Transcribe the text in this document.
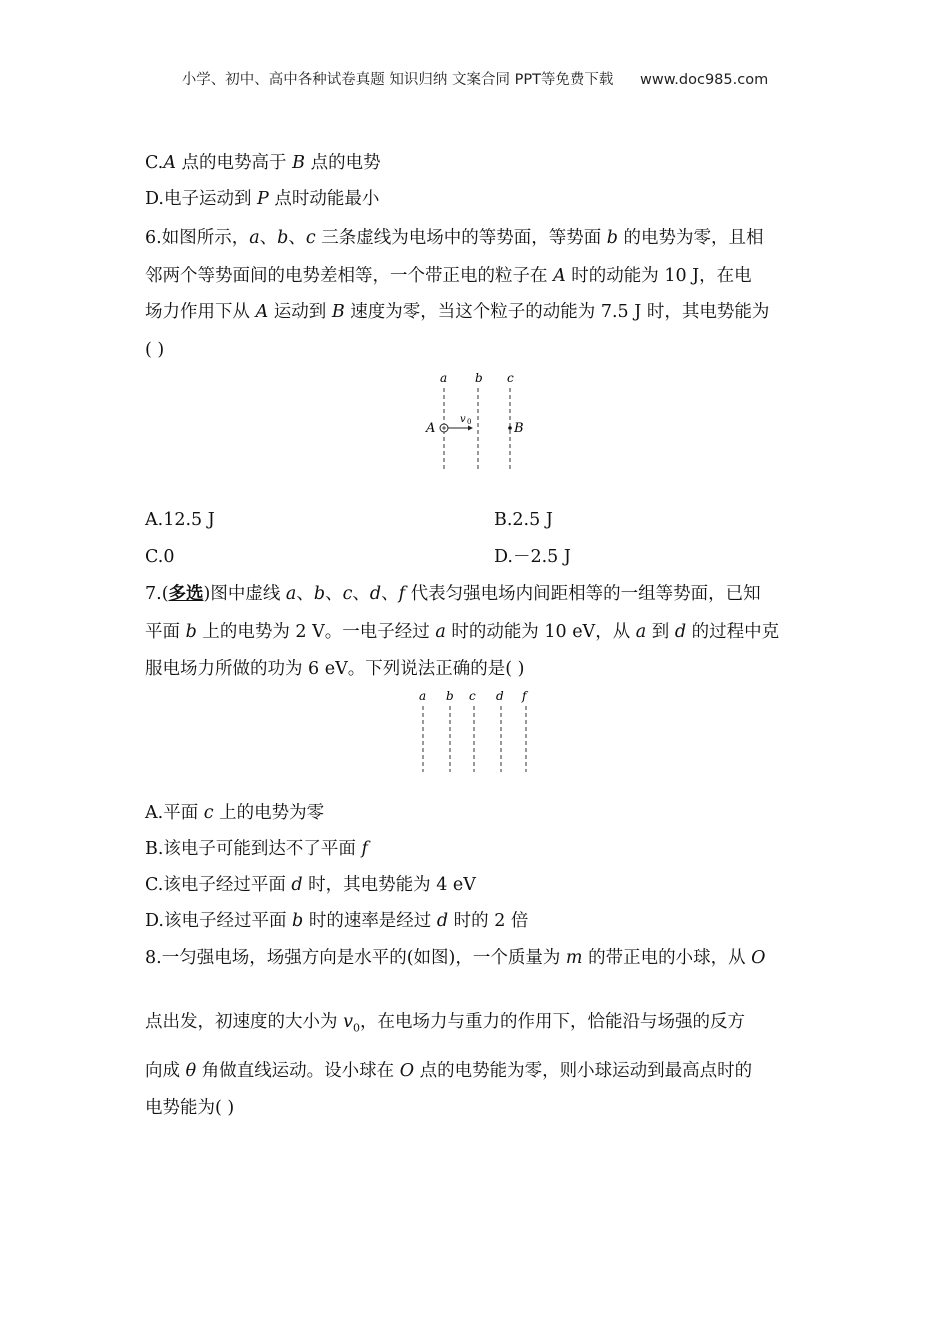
小学、初中、高中各种试卷真题 知识归纳 文案合同 PPT等免费下载 www.doc985.com
C.A 点的电势高于 B 点的电势
D.电子运动到 P 点时动能最小
6.如图所示，a、b、c 三条虚线为电场中的等势面，等势面 b 的电势为零，且相
邻两个等势面间的电势差相等，一个带正电的粒子在 A 时的动能为 10 J，在电
场力作用下从 A 运动到 B 速度为零，当这个粒子的动能为 7.5 J 时，其电势能为
( )
a b c
A
v 0	B
A.12.5 J	B.2.5 J
C.0	D.－2.5 J
7.(多选)图中虚线 a、b、c、d、f 代表匀强电场内间距相等的一组等势面，已知
平面 b 上的电势为 2 V。一电子经过 a 时的动能为 10 eV，从 a 到 d 的过程中克
服电场力所做的功为 6 eV。下列说法正确的是( )
a b c d f
A.平面 c 上的电势为零
B.该电子可能到达不了平面 f
C.该电子经过平面 d 时，其电势能为 4 eV
D.该电子经过平面 b 时的速率是经过 d 时的 2 倍
8.一匀强电场，场强方向是水平的(如图)，一个质量为 m 的带正电的小球，从 O
点出发，初速度的大小为 $v_0$，在电场力与重力的作用下，恰能沿与场强的反方
向成 θ 角做直线运动。设小球在 O 点的电势能为零，则小球运动到最高点时的
电势能为( )
